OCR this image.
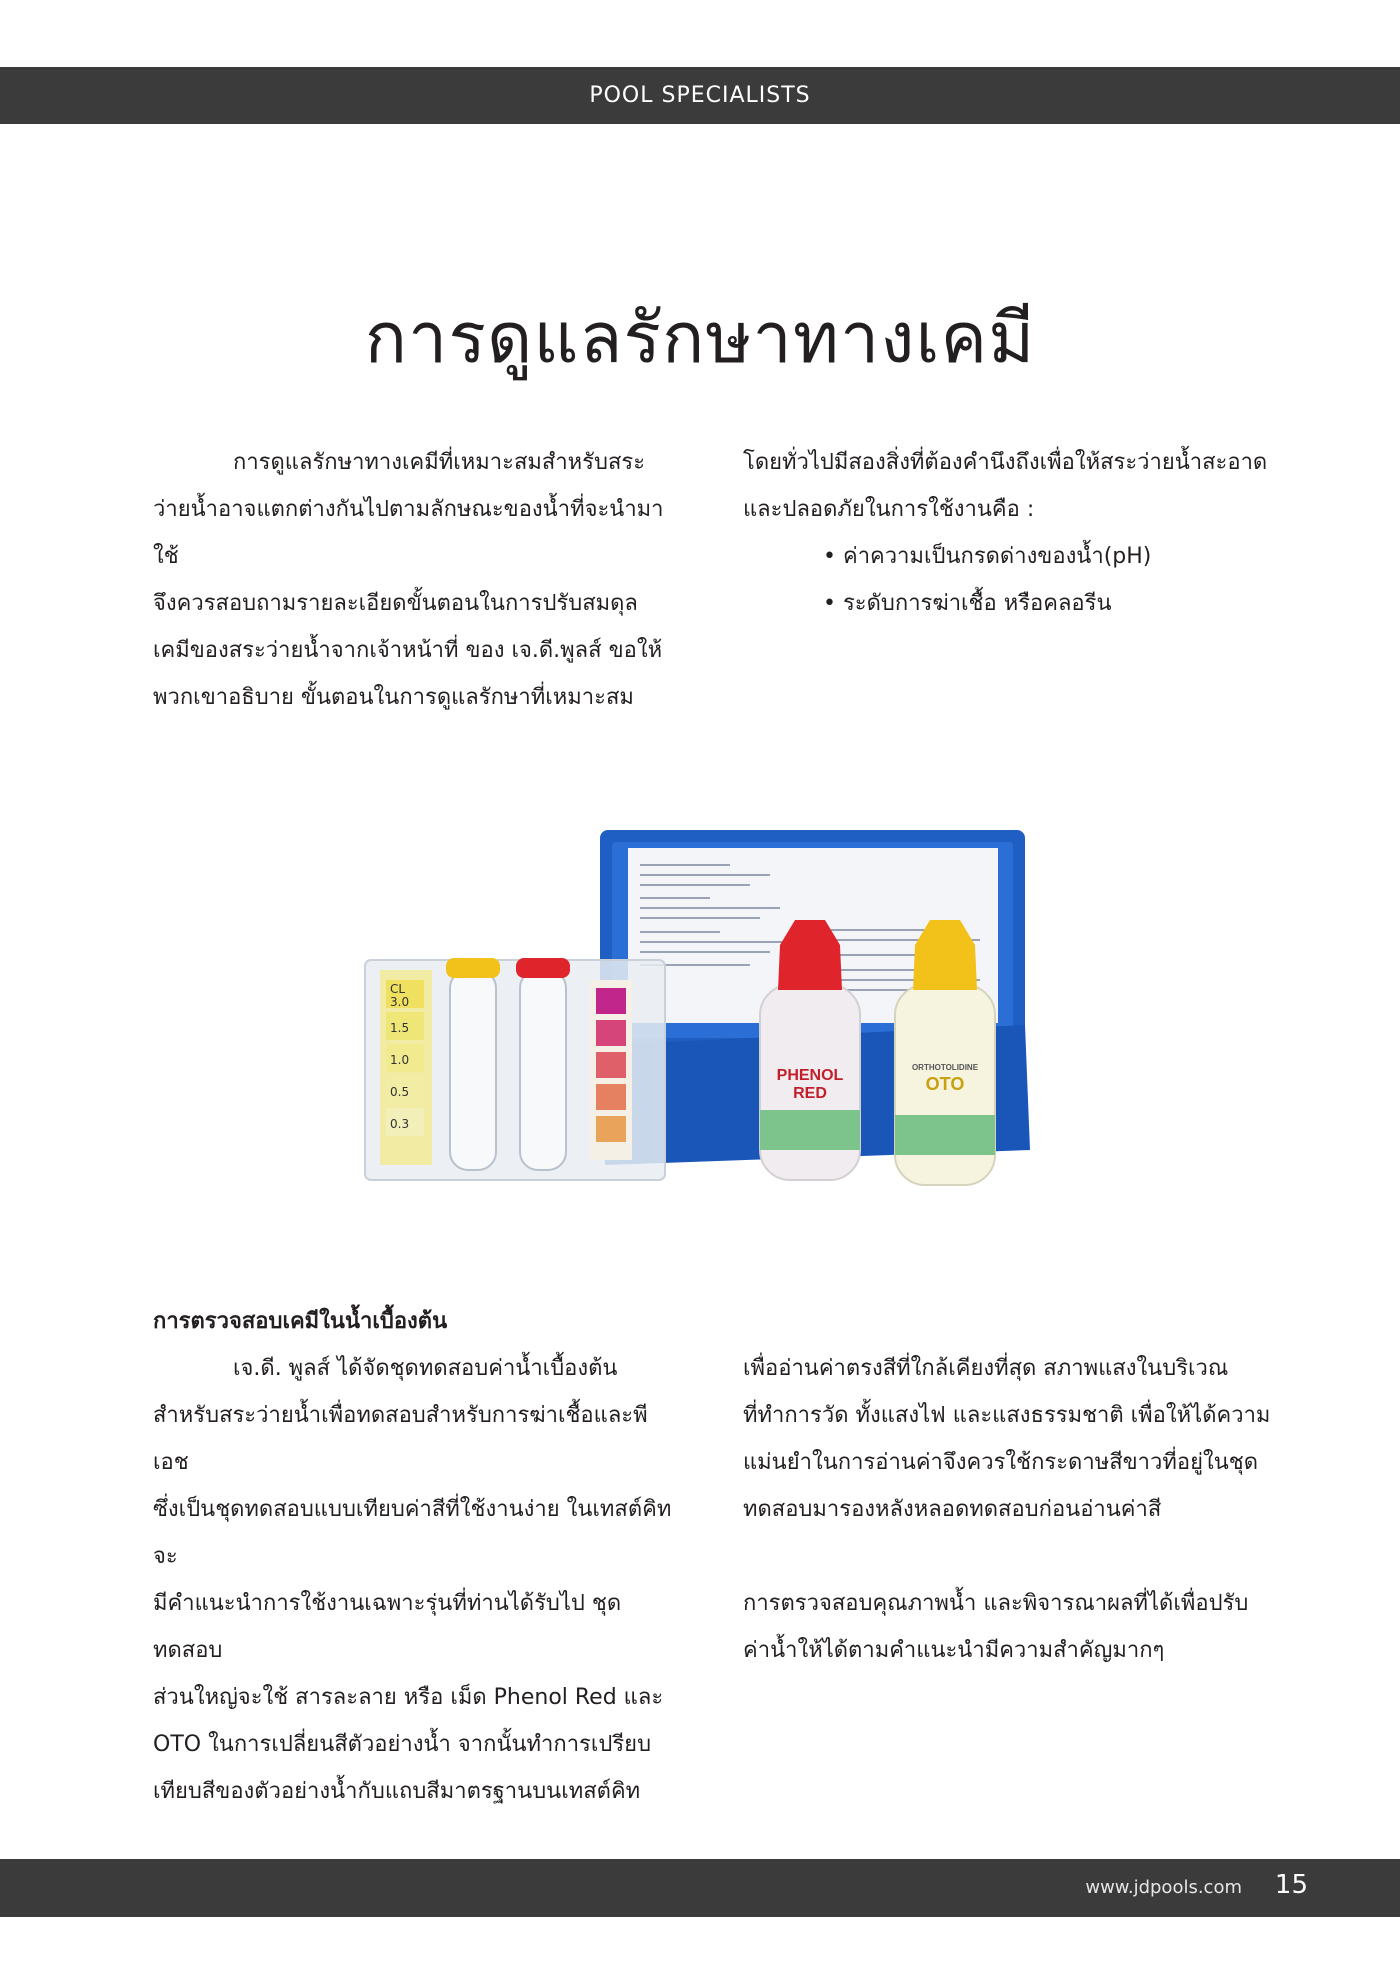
POOL SPECIALISTS
การดูแลรักษาทางเคมี

การดูแลรักษาทางเคมีที่เหมาะสมสำหรับสระ

ว่ายน้ำอาจแตกต่างกันไปตามลักษณะของน้ำที่จะนำมาใช้

จึงควรสอบถามรายละเอียดขั้นตอนในการปรับสมดุล

เคมีของสระว่ายน้ำจากเจ้าหน้าที่ ของ เจ.ดี.พูลส์ ขอให้

พวกเขาอธิบาย ขั้นตอนในการดูแลรักษาที่เหมาะสม

โดยทั่วไปมีสองสิ่งที่ต้องคำนึงถึงเพื่อให้สระว่ายน้ำสะอาด

และปลอดภัยในการใช้งานคือ :

• ค่าความเป็นกรดด่างของน้ำ(pH)
• ระดับการฆ่าเชื้อ หรือคลอรีน
CL
3.0
1.5
1.0
0.5
0.3
PHENOL
RED
ORTHOTOLIDINE
OTO
การตรวจสอบเคมีในน้ำเบื้องต้น

เจ.ดี. พูลส์ ได้จัดชุดทดสอบค่าน้ำเบื้องต้น

สำหรับสระว่ายน้ำเพื่อทดสอบสำหรับการฆ่าเชื้อและพีเอช

ซึ่งเป็นชุดทดสอบแบบเทียบค่าสีที่ใช้งานง่าย ในเทสต์คิทจะ

มีคำแนะนำการใช้งานเฉพาะรุ่นที่ท่านได้รับไป ชุดทดสอบ

ส่วนใหญ่จะใช้ สารละลาย หรือ เม็ด Phenol Red และ

OTO ในการเปลี่ยนสีตัวอย่างน้ำ จากนั้นทำการเปรียบ

เทียบสีของตัวอย่างน้ำกับแถบสีมาตรฐานบนเทสต์คิท

เพื่ออ่านค่าตรงสีที่ใกล้เคียงที่สุด สภาพแสงในบริเวณ

ที่ทำการวัด ทั้งแสงไฟ และแสงธรรมชาติ เพื่อให้ได้ความ

แม่นยำในการอ่านค่าจึงควรใช้กระดาษสีขาวที่อยู่ในชุด

ทดสอบมารองหลังหลอดทดสอบก่อนอ่านค่าสี

การตรวจสอบคุณภาพน้ำ และพิจารณาผลที่ได้เพื่อปรับ

ค่าน้ำให้ได้ตามคำแนะนำมีความสำคัญมากๆ

www.jdpools.com 15
